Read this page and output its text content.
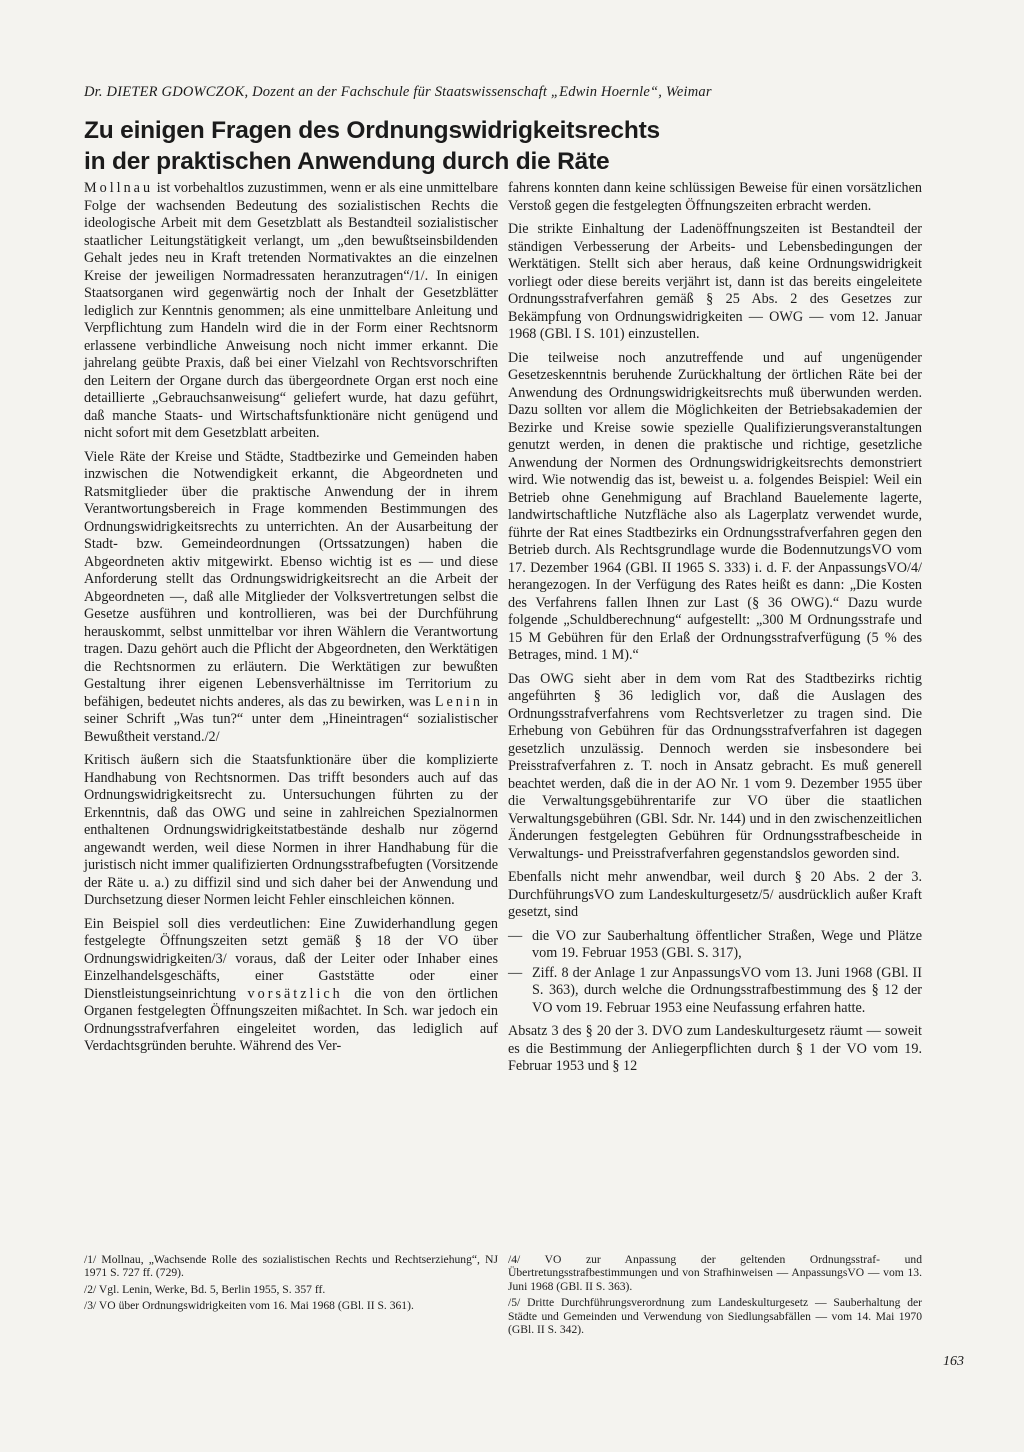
Dr. DIETER GDOWCZOK, Dozent an der Fachschule für Staatswissenschaft „Edwin Hoernle“, Weimar
Zu einigen Fragen des Ordnungswidrigkeitsrechts
in der praktischen Anwendung durch die Räte

Mollnau ist vorbehaltlos zuzustimmen, wenn er als eine unmittelbare Folge der wachsenden Bedeutung des sozialistischen Rechts die ideologische Arbeit mit dem Gesetzblatt als Bestandteil sozialistischer staatlicher Leitungstätigkeit verlangt, um „den bewußtseinsbildenden Gehalt jedes neu in Kraft tretenden Normativaktes an die einzelnen Kreise der jeweiligen Normadressaten heranzutragen“/1/. In einigen Staatsorganen wird gegenwärtig noch der Inhalt der Gesetzblätter lediglich zur Kenntnis genommen; als eine unmittelbare Anleitung und Verpflichtung zum Handeln wird die in der Form einer Rechtsnorm erlassene verbindliche Anweisung noch nicht immer erkannt. Die jahrelang geübte Praxis, daß bei einer Vielzahl von Rechtsvorschriften den Leitern der Organe durch das übergeordnete Organ erst noch eine detaillierte „Gebrauchsanweisung“ geliefert wurde, hat dazu geführt, daß manche Staats- und Wirtschaftsfunktionäre nicht genügend und nicht sofort mit dem Gesetzblatt arbeiten.

Viele Räte der Kreise und Städte, Stadtbezirke und Gemeinden haben inzwischen die Notwendigkeit erkannt, die Abgeordneten und Ratsmitglieder über die praktische Anwendung der in ihrem Verantwortungsbereich in Frage kommenden Bestimmungen des Ordnungswidrigkeitsrechts zu unterrichten. An der Ausarbeitung der Stadt- bzw. Gemeindeordnungen (Ortssatzungen) haben die Abgeordneten aktiv mitgewirkt. Ebenso wichtig ist es — und diese Anforderung stellt das Ordnungswidrigkeitsrecht an die Arbeit der Abgeordneten —, daß alle Mitglieder der Volksvertretungen selbst die Gesetze ausführen und kontrollieren, was bei der Durchführung herauskommt, selbst unmittelbar vor ihren Wählern die Verantwortung tragen. Dazu gehört auch die Pflicht der Abgeordneten, den Werktätigen die Rechtsnormen zu erläutern. Die Werktätigen zur bewußten Gestaltung ihrer eigenen Lebensverhältnisse im Territorium zu befähigen, bedeutet nichts anderes, als das zu bewirken, was Lenin in seiner Schrift „Was tun?“ unter dem „Hineintragen“ sozialistischer Bewußtheit verstand./2/

Kritisch äußern sich die Staatsfunktionäre über die komplizierte Handhabung von Rechtsnormen. Das trifft besonders auch auf das Ordnungswidrigkeitsrecht zu. Untersuchungen führten zu der Erkenntnis, daß das OWG und seine in zahlreichen Spezialnormen enthaltenen Ordnungswidrigkeitstatbestände deshalb nur zögernd angewandt werden, weil diese Normen in ihrer Handhabung für die juristisch nicht immer qualifizierten Ordnungsstrafbefugten (Vorsitzende der Räte u. a.) zu diffizil sind und sich daher bei der Anwendung und Durchsetzung dieser Normen leicht Fehler einschleichen können.

Ein Beispiel soll dies verdeutlichen: Eine Zuwiderhandlung gegen festgelegte Öffnungszeiten setzt gemäß § 18 der VO über Ordnungswidrigkeiten/3/ voraus, daß der Leiter oder Inhaber eines Einzelhandelsgeschäfts, einer Gaststätte oder einer Dienstleistungseinrichtung vorsätzlich die von den örtlichen Organen festgelegten Öffnungszeiten mißachtet. In Sch. war jedoch ein Ordnungsstrafverfahren eingeleitet worden, das lediglich auf Verdachtsgründen beruhte. Während des Ver-

fahrens konnten dann keine schlüssigen Beweise für einen vorsätzlichen Verstoß gegen die festgelegten Öffnungszeiten erbracht werden.

Die strikte Einhaltung der Ladenöffnungszeiten ist Bestandteil der ständigen Verbesserung der Arbeits- und Lebensbedingungen der Werktätigen. Stellt sich aber heraus, daß keine Ordnungswidrigkeit vorliegt oder diese bereits verjährt ist, dann ist das bereits eingeleitete Ordnungsstrafverfahren gemäß § 25 Abs. 2 des Gesetzes zur Bekämpfung von Ordnungswidrigkeiten — OWG — vom 12. Januar 1968 (GBl. I S. 101) einzustellen.

Die teilweise noch anzutreffende und auf ungenügender Gesetzeskenntnis beruhende Zurückhaltung der örtlichen Räte bei der Anwendung des Ordnungswidrigkeitsrechts muß überwunden werden. Dazu sollten vor allem die Möglichkeiten der Betriebsakademien der Bezirke und Kreise sowie spezielle Qualifizierungsveranstaltungen genutzt werden, in denen die praktische und richtige, gesetzliche Anwendung der Normen des Ordnungswidrigkeitsrechts demonstriert wird. Wie notwendig das ist, beweist u. a. folgendes Beispiel: Weil ein Betrieb ohne Genehmigung auf Brachland Bauelemente lagerte, landwirtschaftliche Nutzfläche also als Lagerplatz verwendet wurde, führte der Rat eines Stadtbezirks ein Ordnungsstrafverfahren gegen den Betrieb durch. Als Rechtsgrundlage wurde die BodennutzungsVO vom 17. Dezember 1964 (GBl. II 1965 S. 333) i. d. F. der AnpassungsVO/4/ herangezogen. In der Verfügung des Rates heißt es dann: „Die Kosten des Verfahrens fallen Ihnen zur Last (§ 36 OWG).“ Dazu wurde folgende „Schuldberechnung“ aufgestellt: „300 M Ordnungsstrafe und 15 M Gebühren für den Erlaß der Ordnungsstrafverfügung (5 % des Betrages, mind. 1 M).“

Das OWG sieht aber in dem vom Rat des Stadtbezirks richtig angeführten § 36 lediglich vor, daß die Auslagen des Ordnungsstrafverfahrens vom Rechtsverletzer zu tragen sind. Die Erhebung von Gebühren für das Ordnungsstrafverfahren ist dagegen gesetzlich unzulässig. Dennoch werden sie insbesondere bei Preisstrafverfahren z. T. noch in Ansatz gebracht. Es muß generell beachtet werden, daß die in der AO Nr. 1 vom 9. Dezember 1955 über die Verwaltungsgebührentarife zur VO über die staatlichen Verwaltungsgebühren (GBl. Sdr. Nr. 144) und in den zwischenzeitlichen Änderungen festgelegten Gebühren für Ordnungsstrafbescheide in Verwaltungs- und Preisstrafverfahren gegenstandslos geworden sind.

Ebenfalls nicht mehr anwendbar, weil durch § 20 Abs. 2 der 3. DurchführungsVO zum Landeskulturgesetz/5/ ausdrücklich außer Kraft gesetzt, sind

— die VO zur Sauberhaltung öffentlicher Straßen, Wege und Plätze vom 19. Februar 1953 (GBl. S. 317),
— Ziff. 8 der Anlage 1 zur AnpassungsVO vom 13. Juni 1968 (GBl. II S. 363), durch welche die Ordnungsstrafbestimmung des § 12 der VO vom 19. Februar 1953 eine Neufassung erfahren hatte.

Absatz 3 des § 20 der 3. DVO zum Landeskulturgesetz räumt — soweit es die Bestimmung der Anliegerpflichten durch § 1 der VO vom 19. Februar 1953 und § 12

/1/ Mollnau, „Wachsende Rolle des sozialistischen Rechts und Rechtserziehung“, NJ 1971 S. 727 ff. (729).

/2/ Vgl. Lenin, Werke, Bd. 5, Berlin 1955, S. 357 ff.

/3/ VO über Ordnungswidrigkeiten vom 16. Mai 1968 (GBl. II S. 361).

/4/ VO zur Anpassung der geltenden Ordnungsstraf- und Übertretungsstrafbestimmungen und von Strafhinweisen — AnpassungsVO — vom 13. Juni 1968 (GBl. II S. 363).

/5/ Dritte Durchführungsverordnung zum Landeskulturgesetz — Sauberhaltung der Städte und Gemeinden und Verwendung von Siedlungsabfällen — vom 14. Mai 1970 (GBl. II S. 342).

163
